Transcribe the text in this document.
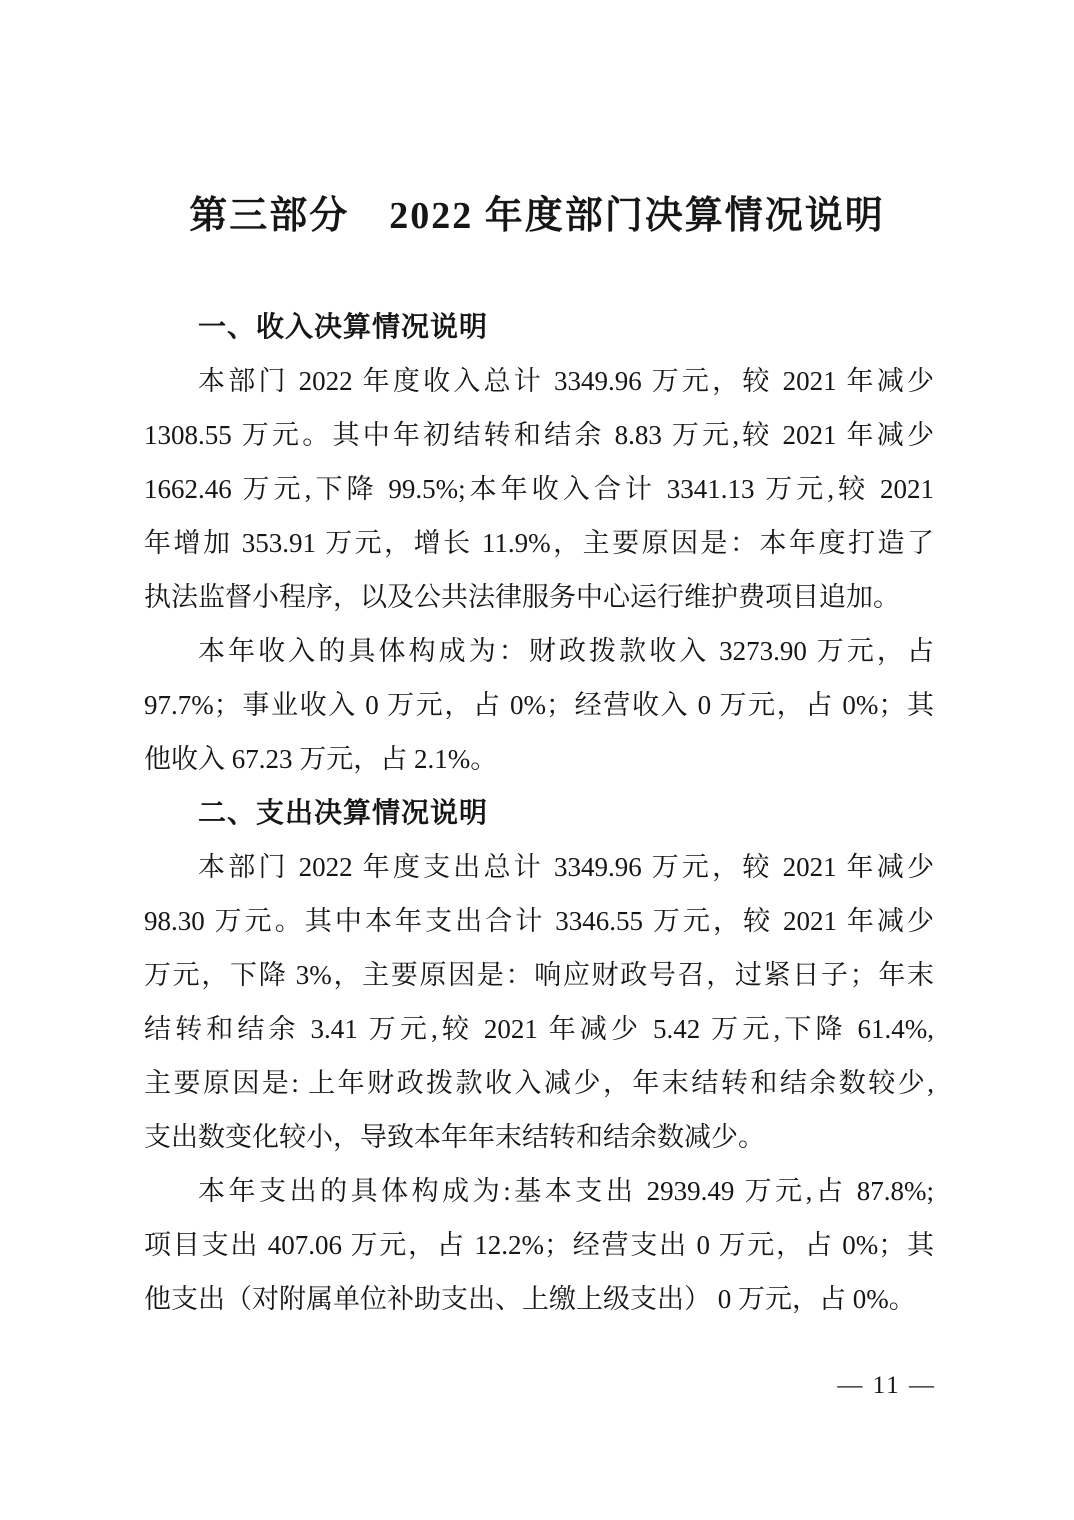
第三部分　2022 年度部门决算情况说明
一、收入决算情况说明
本部门 2022 年度收入总计 3349.96 万元，较 2021 年减少
1308.55 万元。其中年初结转和结余 8.83 万元,较 2021 年减少
1662.46 万元,下降 99.5%;本年收入合计 3341.13 万元,较 2021
年增加 353.91 万元，增长 11.9%，主要原因是：本年度打造了
执法监督小程序，以及公共法律服务中心运行维护费项目追加。
本年收入的具体构成为：财政拨款收入 3273.90 万元，占
97.7%；事业收入 0 万元，占 0%；经营收入 0 万元，占 0%；其
他收入 67.23 万元，占 2.1%。
二、支出决算情况说明
本部门 2022 年度支出总计 3349.96 万元，较 2021 年减少
98.30 万元。其中本年支出合计 3346.55 万元，较 2021 年减少
万元，下降 3%，主要原因是：响应财政号召，过紧日子；年末
结转和结余 3.41 万元,较 2021 年减少 5.42 万元,下降 61.4%,
主要原因是: 上年财政拨款收入减少，年末结转和结余数较少,
支出数变化较小，导致本年年末结转和结余数减少。
本年支出的具体构成为:基本支出 2939.49 万元,占 87.8%;
项目支出 407.06 万元，占 12.2%；经营支出 0 万元，占 0%；其
他支出（对附属单位补助支出、上缴上级支出） 0 万元，占 0%。
— 11 —
